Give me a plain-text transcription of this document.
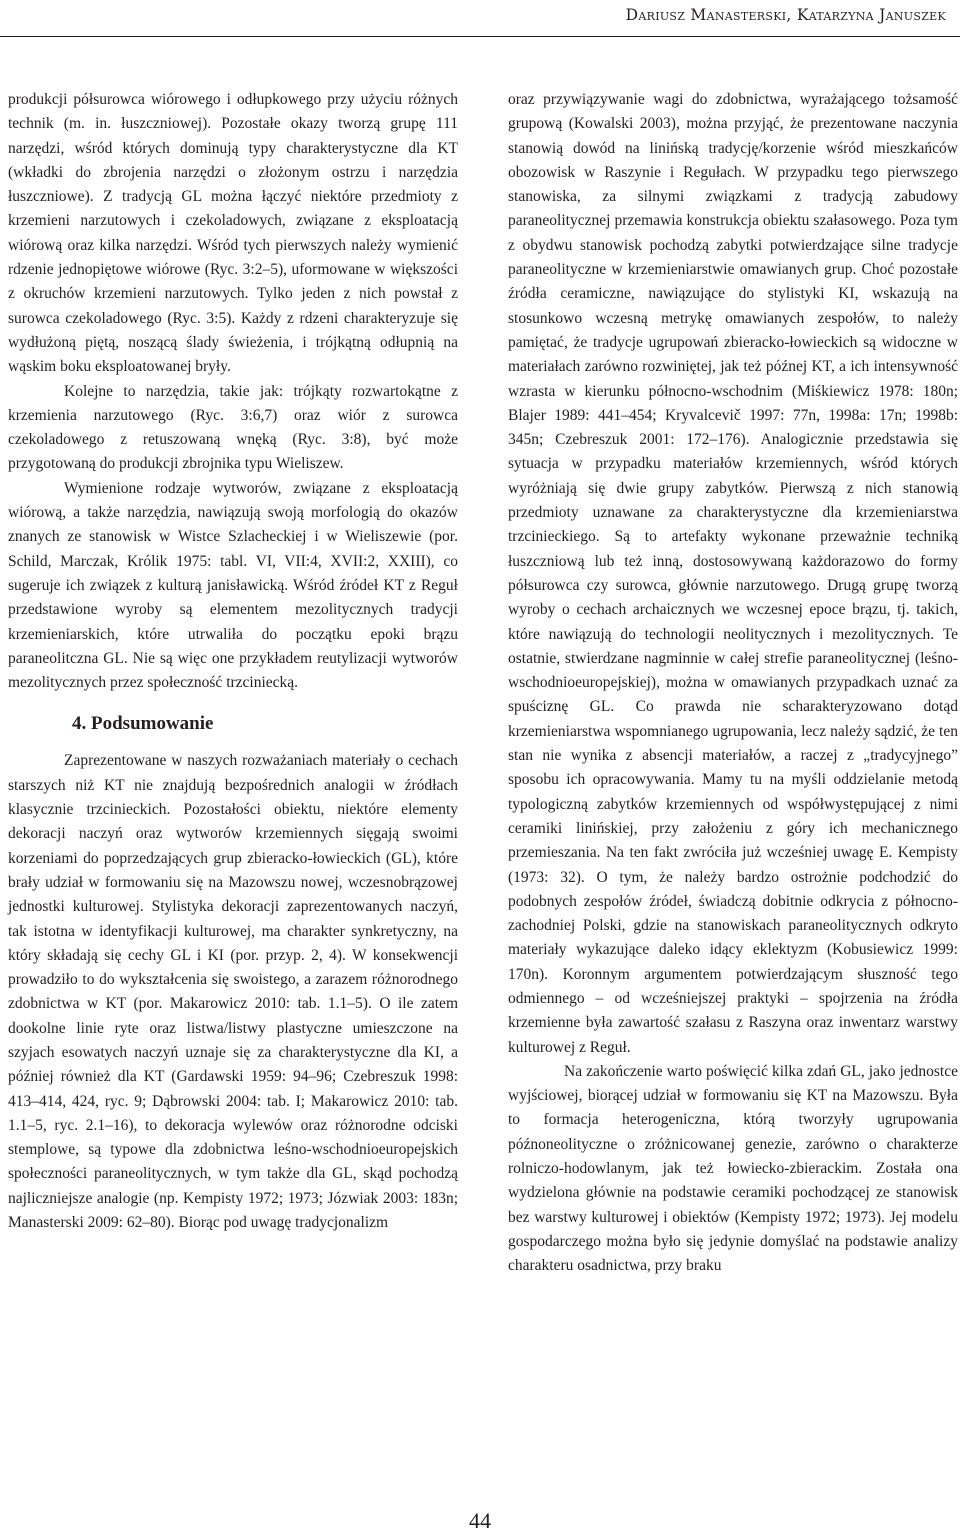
Dariusz Manasterski, Katarzyna Januszek

produkcji półsurowca wiórowego i odłupkowego przy użyciu różnych technik (m. in. łuszczniowej). Pozostałe okazy tworzą grupę 111 narzędzi, wśród których dominują typy charakterystyczne dla KT (wkładki do zbrojenia narzędzi o złożonym ostrzu i narzędzia łuszczniowe). Z tradycją GL można łączyć niektóre przedmioty z krzemieni narzutowych i czekoladowych, związane z eksploatacją wiórową oraz kilka narzędzi. Wśród tych pierwszych należy wymienić rdzenie jednopiętowe wiórowe (Ryc. 3:2–5), uformowane w większości z okruchów krzemieni narzutowych. Tylko jeden z nich powstał z surowca czekoladowego (Ryc. 3:5). Każdy z rdzeni charakteryzuje się wydłużoną piętą, noszącą ślady świeżenia, i trójkątną odłupnią na wąskim boku eksploatowanej bryły.

Kolejne to narzędzia, takie jak: trójkąty rozwartokątne z krzemienia narzutowego (Ryc. 3:6,7) oraz wiór z surowca czekoladowego z retuszowaną wnęką (Ryc. 3:8), być może przygotowaną do produkcji zbrojnika typu Wieliszew.

Wymienione rodzaje wytworów, związane z eksploatacją wiórową, a także narzędzia, nawiązują swoją morfologią do okazów znanych ze stanowisk w Wistce Szlacheckiej i w Wieliszewie (por. Schild, Marczak, Królik 1975: tabl. VI, VII:4, XVII:2, XXIII), co sugeruje ich związek z kulturą janisławicką. Wśród źródeł KT z Reguł przedstawione wyroby są elementem mezolitycznych tradycji krzemieniarskich, które utrwaliła do początku epoki brązu paraneolitczna GL. Nie są więc one przykładem reutylizacji wytworów mezolitycznych przez społeczność trzciniecką.

4. Podsumowanie

Zaprezentowane w naszych rozważaniach materiały o cechach starszych niż KT nie znajdują bezpośrednich analogii w źródłach klasycznie trzcinieckich. Pozostałości obiektu, niektóre elementy dekoracji naczyń oraz wytworów krzemiennych sięgają swoimi korzeniami do poprzedzających grup zbieracko-łowieckich (GL), które brały udział w formowaniu się na Mazowszu nowej, wczesnobrązowej jednostki kulturowej. Stylistyka dekoracji zaprezentowanych naczyń, tak istotna w identyfikacji kulturowej, ma charakter synkretyczny, na który składają się cechy GL i KI (por. przyp. 2, 4). W konsekwencji prowadziło to do wykształcenia się swoistego, a zarazem różnorodnego zdobnictwa w KT (por. Makarowicz 2010: tab. 1.1–5). O ile zatem dookolne linie ryte oraz listwa/listwy plastyczne umieszczone na szyjach esowatych naczyń uznaje się za charakterystyczne dla KI, a później również dla KT (Gardawski 1959: 94–96; Czebreszuk 1998: 413–414, 424, ryc. 9; Dąbrowski 2004: tab. I; Makarowicz 2010: tab. 1.1–5, ryc. 2.1–16), to dekoracja wylewów oraz różnorodne odciski stemplowe, są typowe dla zdobnictwa leśno-wschodnioeuropejskich społeczności paraneolitycznych, w tym także dla GL, skąd pochodzą najliczniejsze analogie (np. Kempisty 1972; 1973; Józwiak 2003: 183n; Manasterski 2009: 62–80). Biorąc pod uwagę tradycjonalizm

oraz przywiązywanie wagi do zdobnictwa, wyrażającego tożsamość grupową (Kowalski 2003), można przyjąć, że prezentowane naczynia stanowią dowód na linińską tradycję/korzenie wśród mieszkańców obozowisk w Raszynie i Regułach. W przypadku tego pierwszego stanowiska, za silnymi związkami z tradycją zabudowy paraneolitycznej przemawia konstrukcja obiektu szałasowego. Poza tym z obydwu stanowisk pochodzą zabytki potwierdzające silne tradycje paraneolityczne w krzemieniarstwie omawianych grup. Choć pozostałe źródła ceramiczne, nawiązujące do stylistyki KI, wskazują na stosunkowo wczesną metrykę omawianych zespołów, to należy pamiętać, że tradycje ugrupowań zbieracko-łowieckich są widoczne w materiałach zarówno rozwiniętej, jak też późnej KT, a ich intensywność wzrasta w kierunku północno-wschodnim (Miśkiewicz 1978: 180n; Blajer 1989: 441–454; Kryvalcevič 1997: 77n, 1998a: 17n; 1998b: 345n; Czebreszuk 2001: 172–176). Analogicznie przedstawia się sytuacja w przypadku materiałów krzemiennych, wśród których wyróżniają się dwie grupy zabytków. Pierwszą z nich stanowią przedmioty uznawane za charakterystyczne dla krzemieniarstwa trzcinieckiego. Są to artefakty wykonane przeważnie techniką łuszczniową lub też inną, dostosowywaną każdorazowo do formy półsurowca czy surowca, głównie narzutowego. Drugą grupę tworzą wyroby o cechach archaicznych we wczesnej epoce brązu, tj. takich, które nawiązują do technologii neolitycznych i mezolitycznych. Te ostatnie, stwierdzane nagminnie w całej strefie paraneolitycznej (leśno-wschodnioeuropejskiej), można w omawianych przypadkach uznać za spuściznę GL. Co prawda nie scharakteryzowano dotąd krzemieniarstwa wspomnianego ugrupowania, lecz należy sądzić, że ten stan nie wynika z absencji materiałów, a raczej z „tradycyjnego” sposobu ich opracowywania. Mamy tu na myśli oddzielanie metodą typologiczną zabytków krzemiennych od współwystępującej z nimi ceramiki linińskiej, przy założeniu z góry ich mechanicznego przemieszania. Na ten fakt zwróciła już wcześniej uwagę E. Kempisty (1973: 32). O tym, że należy bardzo ostrożnie podchodzić do podobnych zespołów źródeł, świadczą dobitnie odkrycia z północno-zachodniej Polski, gdzie na stanowiskach paraneolitycznych odkryto materiały wykazujące daleko idący eklektyzm (Kobusiewicz 1999: 170n). Koronnym argumentem potwierdzającym słuszność tego odmiennego – od wcześniejszej praktyki – spojrzenia na źródła krzemienne była zawartość szałasu z Raszyna oraz inwentarz warstwy kulturowej z Reguł.

Na zakończenie warto poświęcić kilka zdań GL, jako jednostce wyjściowej, biorącej udział w formowaniu się KT na Mazowszu. Była to formacja heterogeniczna, którą tworzyły ugrupowania późnoneolityczne o zróżnicowanej genezie, zarówno o charakterze rolniczo-hodowlanym, jak też łowiecko-zbierackim. Została ona wydzielona głównie na podstawie ceramiki pochodzącej ze stanowisk bez warstwy kulturowej i obiektów (Kempisty 1972; 1973). Jej modelu gospodarczego można było się jedynie domyślać na podstawie analizy charakteru osadnictwa, przy braku

44
